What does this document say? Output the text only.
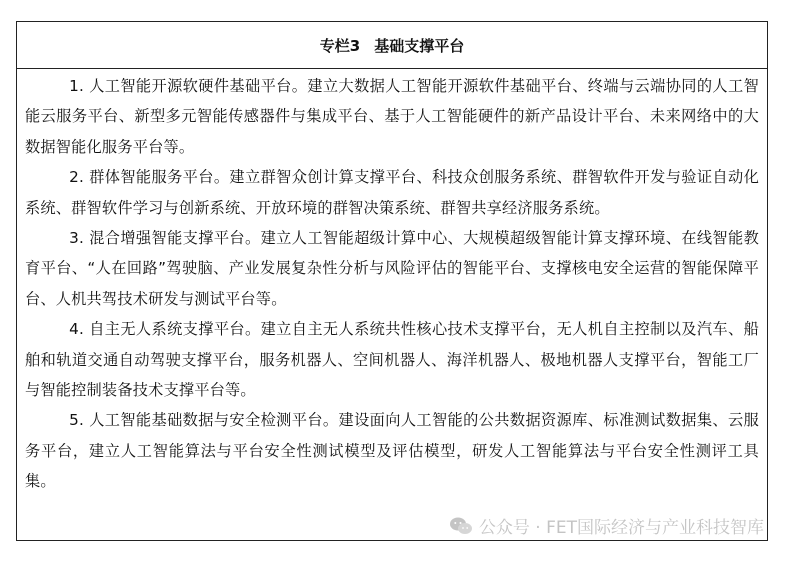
专栏3 基础支撑平台

1. 人工智能开源软硬件基础平台。建立大数据人工智能开源软件基础平台、终端与云端协同的人工智能云服务平台、新型多元智能传感器件与集成平台、基于人工智能硬件的新产品设计平台、未来网络中的大数据智能化服务平台等。

2. 群体智能服务平台。建立群智众创计算支撑平台、科技众创服务系统、群智软件开发与验证自动化系统、群智软件学习与创新系统、开放环境的群智决策系统、群智共享经济服务系统。

3. 混合增强智能支撑平台。建立人工智能超级计算中心、大规模超级智能计算支撑环境、在线智能教育平台、“人在回路”驾驶脑、产业发展复杂性分析与风险评估的智能平台、支撑核电安全运营的智能保障平台、人机共驾技术研发与测试平台等。

4. 自主无人系统支撑平台。建立自主无人系统共性核心技术支撑平台，无人机自主控制以及汽车、船舶和轨道交通自动驾驶支撑平台，服务机器人、空间机器人、海洋机器人、极地机器人支撑平台，智能工厂与智能控制装备技术支撑平台等。

5. 人工智能基础数据与安全检测平台。建设面向人工智能的公共数据资源库、标准测试数据集、云服务平台，建立人工智能算法与平台安全性测试模型及评估模型，研发人工智能算法与平台安全性测评工具集。

公众号 · FET国际经济与产业科技智库
